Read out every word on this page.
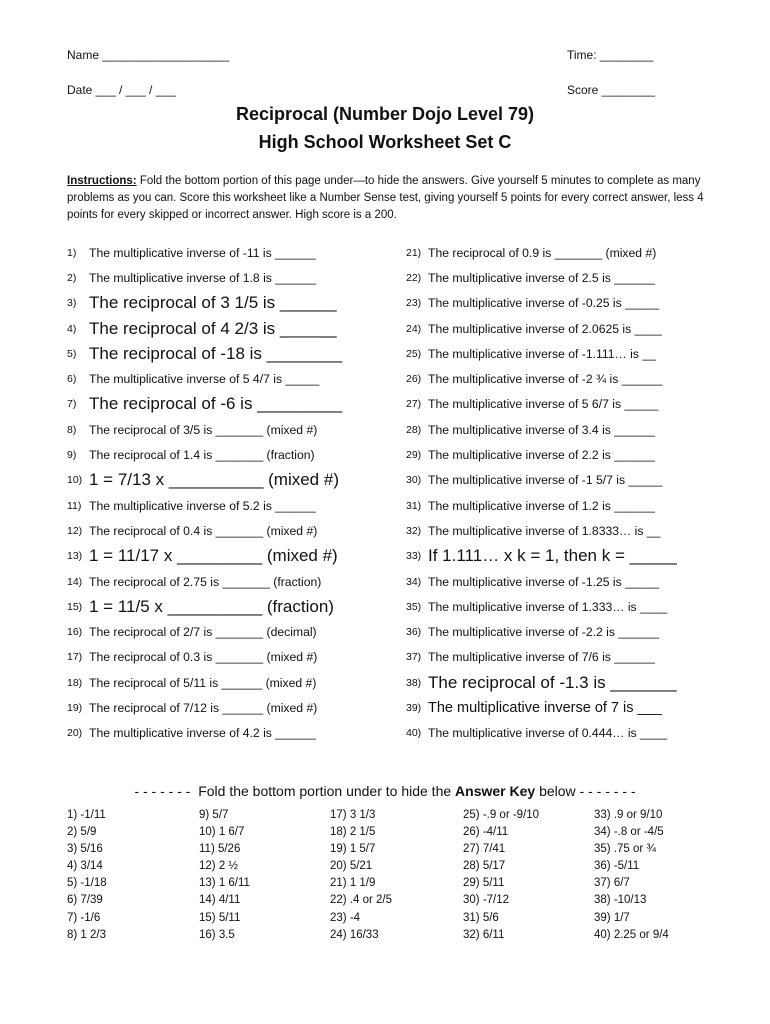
Name ___________________	Time: ________
Date ___ / ___ / ___	Score ________
Reciprocal (Number Dojo Level 79)
High School Worksheet Set C
Instructions: Fold the bottom portion of this page under—to hide the answers. Give yourself 5 minutes to complete as many problems as you can. Score this worksheet like a Number Sense test, giving yourself 5 points for every correct answer, less 4 points for every skipped or incorrect answer. High score is a 200.
1)	The multiplicative inverse of -11 is ______
2)	The multiplicative inverse of 1.8 is ______
3) The reciprocal of 3 1/5 is ______
4) The reciprocal of 4 2/3 is ______
5) The reciprocal of -18 is ________
6)	The multiplicative inverse of 5 4/7 is _____
7) The reciprocal of -6 is _________
8)	The reciprocal of 3/5 is _______ (mixed #)
9)	The reciprocal of 1.4 is _______ (fraction)
10) 1 = 7/13 x __________ (mixed #)
11) The multiplicative inverse of 5.2 is ______
12) The reciprocal of 0.4 is _______ (mixed #)
13) 1 = 11/17 x _________ (mixed #)
14) The reciprocal of 2.75 is _______ (fraction)
15) 1 = 11/5 x __________ (fraction)
16) The reciprocal of 2/7 is _______ (decimal)
17) The reciprocal of 0.3 is _______ (mixed #)
18) The reciprocal of 5/11 is ______ (mixed #)
19) The reciprocal of 7/12 is ______ (mixed #)
20) The multiplicative inverse of 4.2 is ______
21) The reciprocal of 0.9 is _______ (mixed #)
22) The multiplicative inverse of 2.5 is ______
23) The multiplicative inverse of -0.25 is _____
24) The multiplicative inverse of 2.0625 is ____
25) The multiplicative inverse of -1.111… is __
26) The multiplicative inverse of -2 ¾ is ______
27) The multiplicative inverse of 5 6/7 is _____
28) The multiplicative inverse of 3.4 is ______
29) The multiplicative inverse of 2.2 is ______
30) The multiplicative inverse of -1 5/7 is _____
31) The multiplicative inverse of 1.2 is ______
32) The multiplicative inverse of 1.8333… is __
33) If 1.111… x k = 1, then k = _____
34) The multiplicative inverse of -1.25 is _____
35) The multiplicative inverse of 1.333… is ____
36) The multiplicative inverse of -2.2 is ______
37) The multiplicative inverse of 7/6 is ______
38) The reciprocal of -1.3 is _______
39) The multiplicative inverse of 7 is ___
40) The multiplicative inverse of 0.444… is ____
- - - - - - -  Fold the bottom portion under to hide the Answer Key below - - - - - - -
1) -1/11
2) 5/9
3) 5/16
4) 3/14
5) -1/18
6) 7/39
7) -1/6
8) 1 2/3
9) 5/7
10) 1 6/7
11) 5/26
12) 2 ½
13) 1 6/11
14) 4/11
15) 5/11
16) 3.5
17) 3 1/3
18) 2 1/5
19) 1 5/7
20) 5/21
21) 1 1/9
22) .4 or 2/5
23) -4
24) 16/33
25) -.9 or -9/10
26) -4/11
27) 7/41
28) 5/17
29) 5/11
30) -7/12
31) 5/6
32) 6/11
33) .9 or 9/10
34) -.8 or -4/5
35) .75 or ¾
36) -5/11
37) 6/7
38) -10/13
39) 1/7
40) 2.25 or 9/4
